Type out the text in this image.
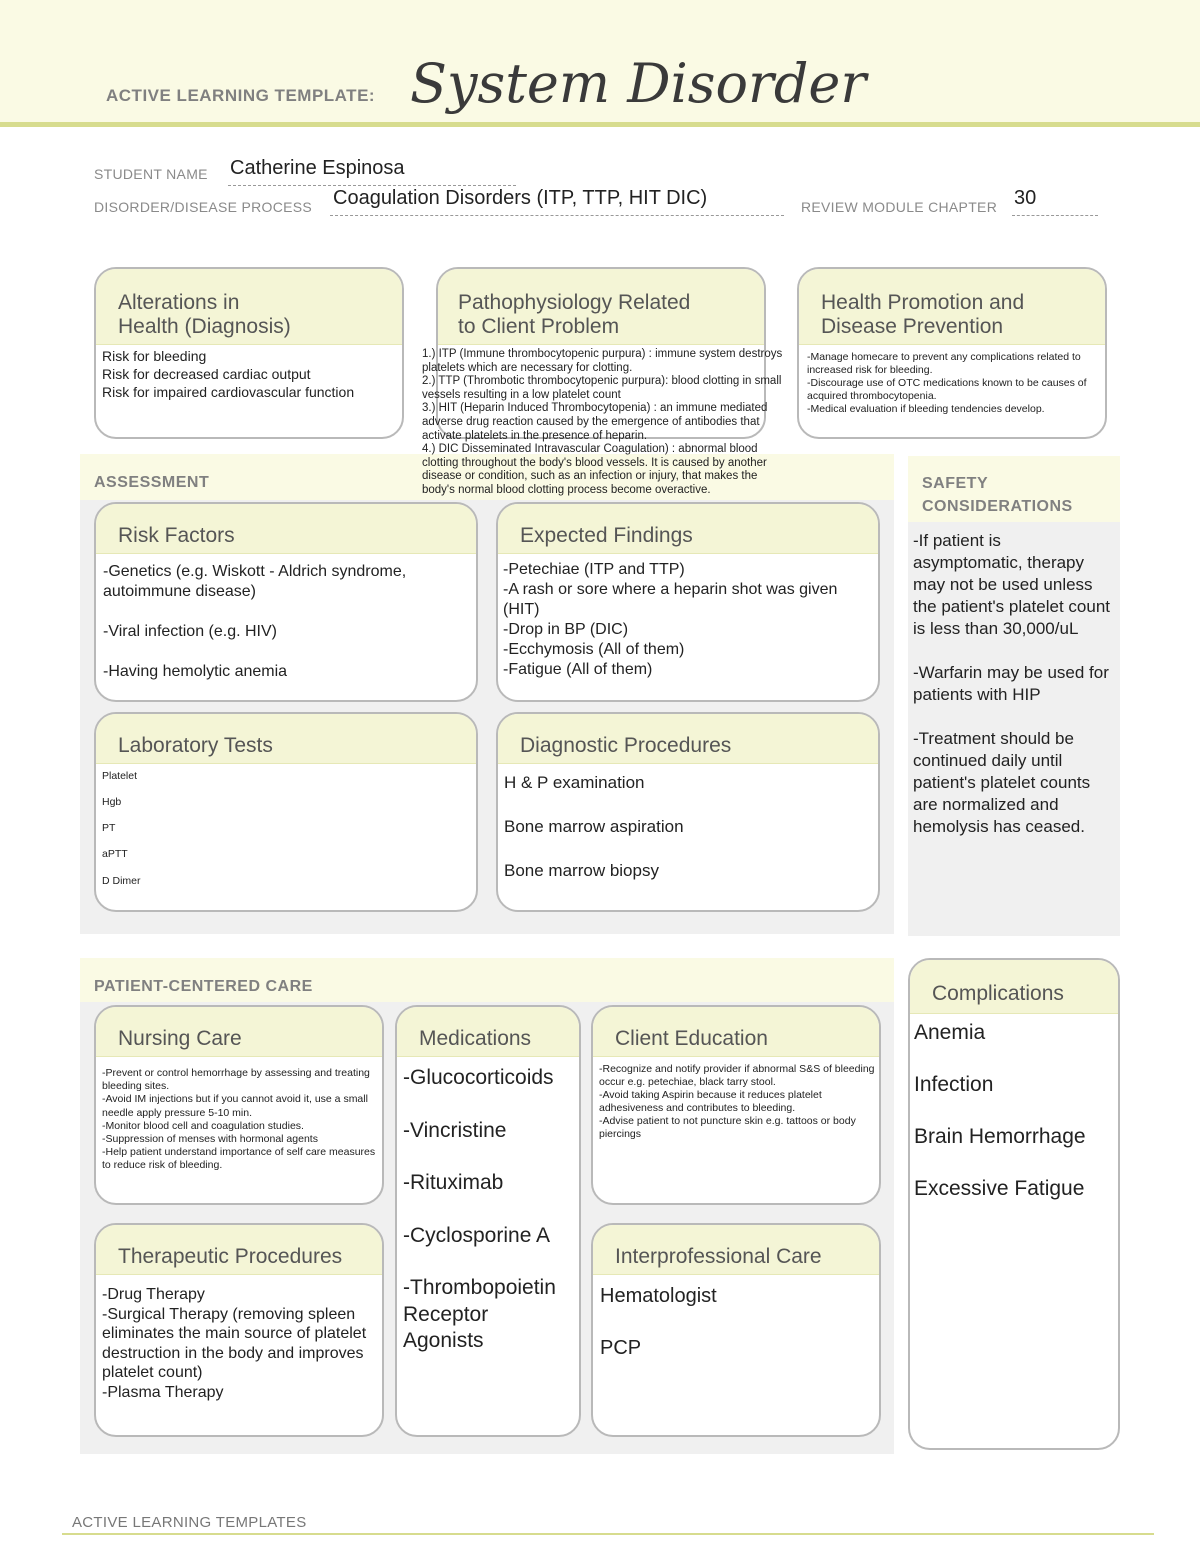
ACTIVE LEARNING TEMPLATE: System Disorder
STUDENT NAME Catherine Espinosa
DISORDER/DISEASE PROCESS Coagulation Disorders (ITP, TTP, HIT DIC)	REVIEW MODULE CHAPTER 30
Alterations in
Health (Diagnosis)
Risk for bleeding
Risk for decreased cardiac output
Risk for impaired cardiovascular function
Pathophysiology Related
to Client Problem
Health Promotion and
Disease Prevention
-Manage homecare to prevent any complications related to increased risk for bleeding.
-Discourage use of OTC medications known to be causes of acquired thrombocytopenia.
-Medical evaluation if bleeding tendencies develop.
ASSESSMENT
Risk Factors
-Genetics (e.g. Wiskott - Aldrich syndrome, autoimmune disease)

-Viral infection (e.g. HIV)

-Having hemolytic anemia
Expected Findings
-Petechiae (ITP and TTP)
-A rash or sore where a heparin shot was given (HIT)
-Drop in BP (DIC)
-Ecchymosis (All of them)
-Fatigue (All of them)
Laboratory Tests
Platelet
Hgb
PT
aPTT
D Dimer
Diagnostic Procedures
H & P examination

Bone marrow aspiration

Bone marrow biopsy
1.) ITP (Immune thrombocytopenic purpura) : immune system destroys platelets which are necessary for clotting.
2.) TTP (Thrombotic thrombocytopenic purpura): blood clotting in small vessels resulting in a low platelet count
3.) HIT (Heparin Induced Thrombocytopenia) : an immune mediated adverse drug reaction caused by the emergence of antibodies that activate platelets in the presence of heparin.
4.) DIC Disseminated Intravascular Coagulation) : abnormal blood clotting throughout the body's blood vessels. It is caused by another disease or condition, such as an infection or injury, that makes the body's normal blood clotting process become overactive.	SAFETY
CONSIDERATIONS
-If patient is asymptomatic, therapy may not be used unless the patient's platelet count is less than 30,000/uL

-Warfarin may be used for patients with HIP

-Treatment should be continued daily until patient's platelet counts are normalized and hemolysis has ceased.
PATIENT-CENTERED CARE
Nursing Care
-Prevent or control hemorrhage by assessing and treating bleeding sites.
-Avoid IM injections but if you cannot avoid it, use a small needle apply pressure 5-10 min.
-Monitor blood cell and coagulation studies.
-Suppression of menses with hormonal agents
-Help patient understand importance of self care measures to reduce risk of bleeding.
Medications
-Glucocorticoids

-Vincristine

-Rituximab

-Cyclosporine A

-Thrombopoietin
Receptor
Agonists
Client Education
-Recognize and notify provider if abnormal S&S of bleeding occur e.g. petechiae, black tarry stool.
-Avoid taking Aspirin because it reduces platelet adhesiveness and contributes to bleeding.
-Advise patient to not puncture skin e.g. tattoos or body piercings
Therapeutic Procedures
-Drug Therapy
-Surgical Therapy (removing spleen eliminates the main source of platelet destruction in the body and improves platelet count)
-Plasma Therapy
Interprofessional Care
Hematologist

PCP
Complications
Anemia

Infection

Brain Hemorrhage

Excessive Fatigue
ACTIVE LEARNING TEMPLATES
